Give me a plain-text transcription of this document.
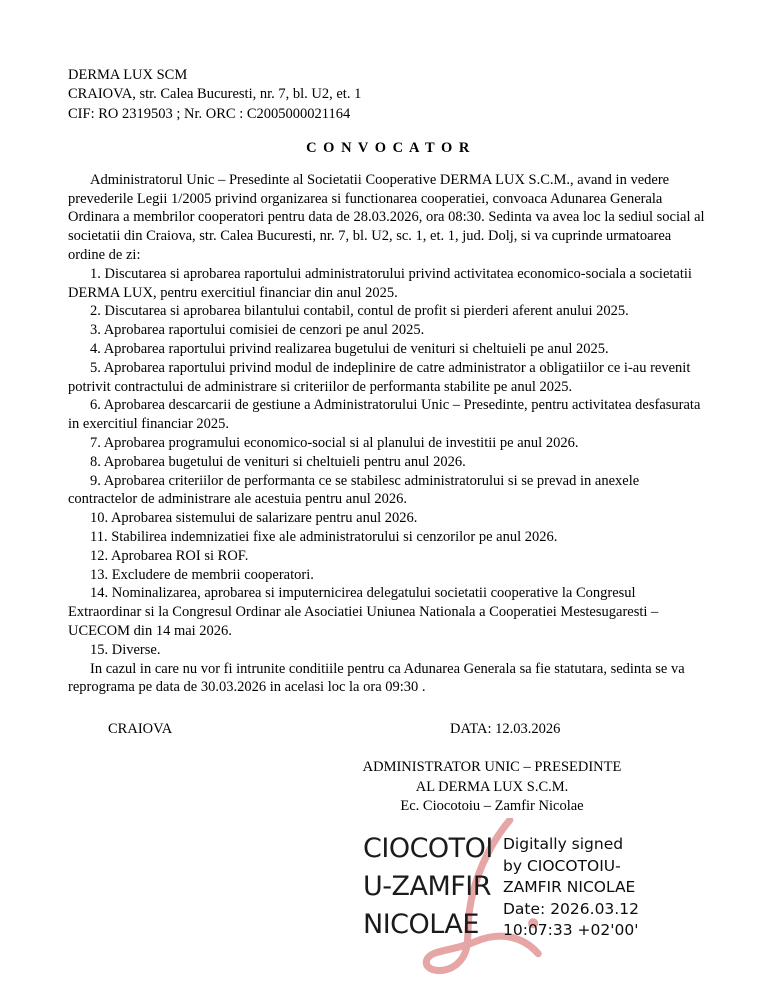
DERMA LUX SCM
CRAIOVA, str. Calea Bucuresti, nr. 7, bl. U2, et. 1
CIF: RO 2319503 ; Nr. ORC : C2005000021164
C O N V O C A T O R

Administratorul Unic – Presedinte al Societatii Cooperative DERMA LUX S.C.M., avand in vedere prevederile Legii 1/2005 privind organizarea si functionarea cooperatiei, convoaca Adunarea Generala Ordinara a membrilor cooperatori pentru data de 28.03.2026, ora 08:30. Sedinta va avea loc la sediul social al societatii din Craiova, str. Calea Bucuresti, nr. 7, bl. U2, sc. 1, et. 1, jud. Dolj, si va cuprinde urmatoarea ordine de zi:

1. Discutarea si aprobarea raportului administratorului privind activitatea economico-sociala a societatii DERMA LUX, pentru exercitiul financiar din anul 2025.

2. Discutarea si aprobarea bilantului contabil, contul de profit si pierderi aferent anului 2025.

3. Aprobarea raportului comisiei de cenzori pe anul 2025.

4. Aprobarea raportului privind realizarea bugetului de venituri si cheltuieli pe anul 2025.

5. Aprobarea raportului privind modul de indeplinire de catre administrator a obligatiilor ce i-au revenit potrivit contractului de administrare si criteriilor de performanta stabilite pe anul 2025.

6. Aprobarea descarcarii de gestiune a Administratorului Unic – Presedinte, pentru activitatea desfasurata in exercitiul financiar 2025.

7. Aprobarea programului economico-social si al planului de investitii pe anul 2026.

8. Aprobarea bugetului de venituri si cheltuieli pentru anul 2026.

9. Aprobarea criteriilor de performanta ce se stabilesc administratorului si se prevad in anexele contractelor de administrare ale acestuia pentru anul 2026.

10. Aprobarea sistemului de salarizare pentru anul 2026.

11. Stabilirea indemnizatiei fixe ale administratorului si cenzorilor pe anul 2026.

12. Aprobarea ROI si ROF.

13. Excludere de membrii cooperatori.

14. Nominalizarea, aprobarea si imputernicirea delegatului societatii cooperative la Congresul Extraordinar si la Congresul Ordinar ale Asociatiei Uniunea Nationala a Cooperatiei Mestesugaresti – UCECOM din 14 mai 2026.

15. Diverse.

In cazul in care nu vor fi intrunite conditiile pentru ca Adunarea Generala sa fie statutara, sedinta se va reprograma pe data de 30.03.2026 in acelasi loc la ora 09:30 .

CRAIOVA	DATA: 12.03.2026
ADMINISTRATOR UNIC – PRESEDINTE
AL DERMA LUX S.C.M.
Ec. Ciocotoiu – Zamfir Nicolae
CIOCOTOI
U-ZAMFIR
NICOLAE
Digitally signed
by CIOCOTOIU-
ZAMFIR NICOLAE
Date: 2026.03.12
10:07:33 +02'00'
